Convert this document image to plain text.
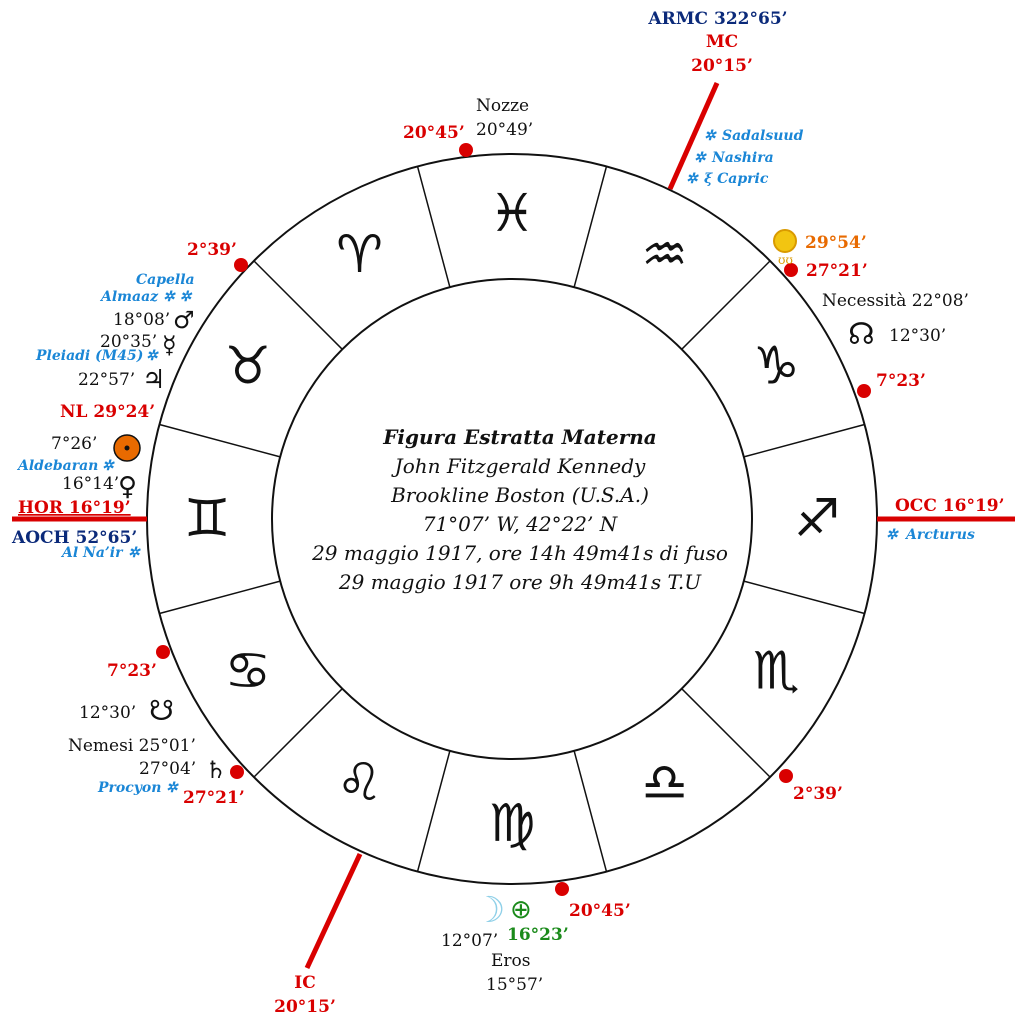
♓
♒
♑
♐
♏
♎
♍
♌
♋
♊
♉
♈
ARMC 322°65’
MC
20°15’
IC
20°15’
HOR 16°19’
AOCH 52°65’
OCC 16°19’
20°45’
27°21’
7°23’
2°39’
20°45’
27°21’
7°23’
2°39’
✲ Sadalsuud
✲ Nashira
✲ ξ Capric
✲ Arcturus
Capella
Almaaz ✲ ✲
Pleiadi (M45) ✲
Aldebaran ✲
Al Na’ir ✲
Procyon ✲
Nozze
20°49’
ʊʊ
29°54’
Necessità 22°08’
☊ 12°30’
NL 29°24’
18°08’ ♂
20°35’ ☿
22°57’ ♃
7°26’
16°14’
♀
12°30’ ☋
Nemesi 25°01’
27°04’ ♄
☽ ⊕
12°07’ 16°23’
Eros
15°57’
Figura Estratta Materna
John Fitzgerald Kennedy
Brookline Boston (U.S.A.)
71°07’ W, 42°22’ N
29 maggio 1917, ore 14h 49m41s di fuso
29 maggio 1917 ore 9h 49m41s T.U
